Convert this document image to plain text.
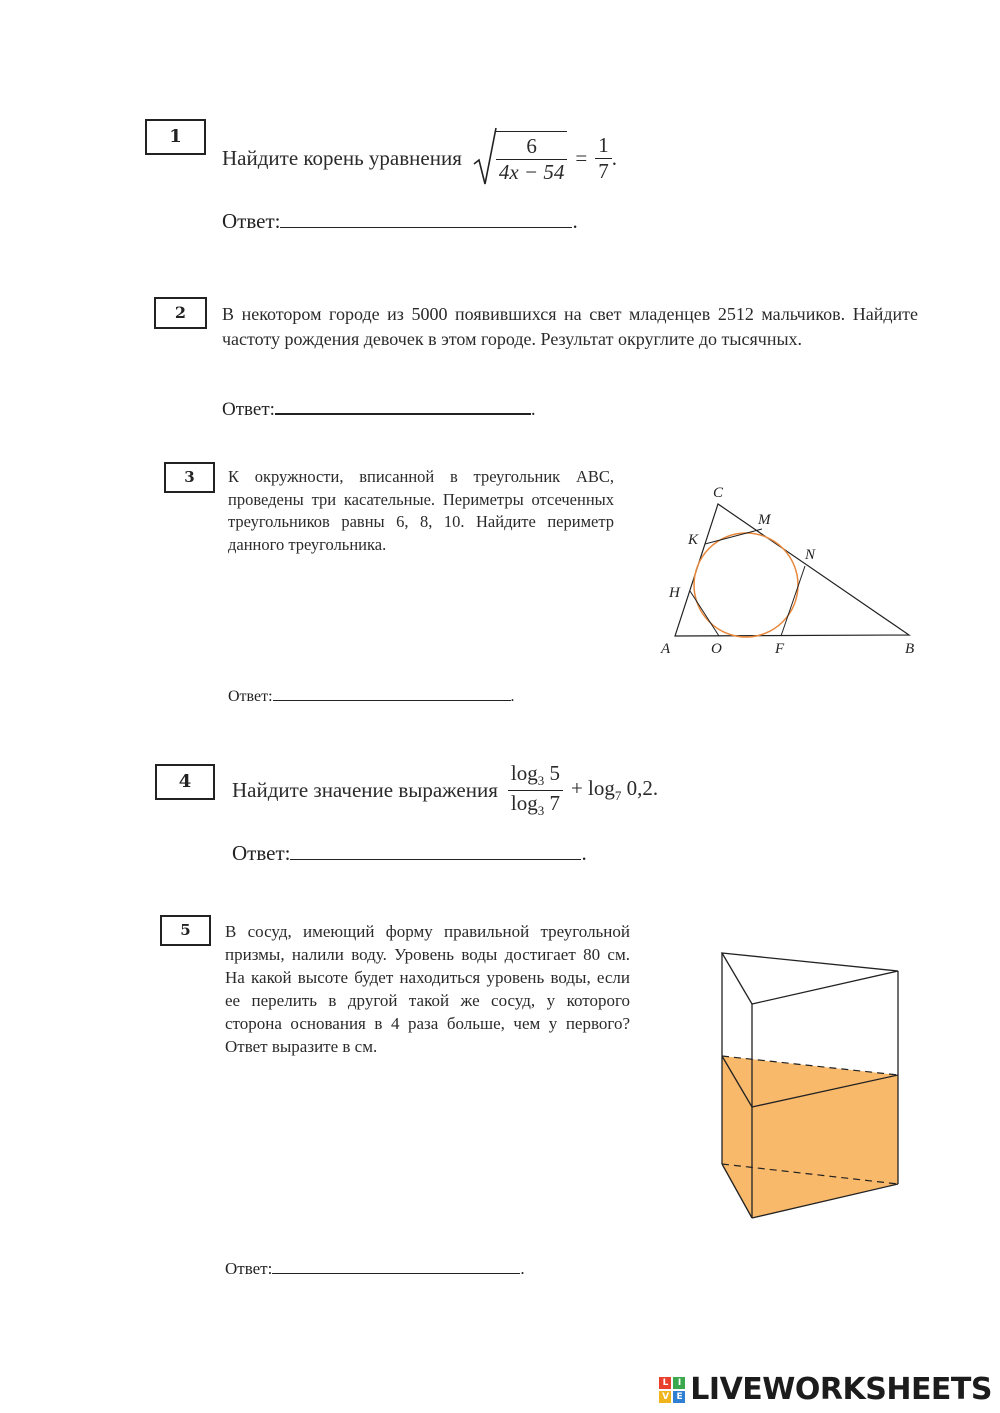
1
Найдите корень уравнения $\frac{6}{4x - 54} = \frac{1}{7}$ .
Ответ:	.
2	В некотором городе из 5000 появившихся на свет младенцев 2512 мальчиков. Найдите частоту рождения девочек в этом городе. Результат округлите до тысячных.
Ответ:	.
3	К окружности, вписанной в треугольник ABC, проведены три касательные. Периметры отсеченных треугольников равны 6, 8, 10. Найдите периметр данного треугольника.
A	B
C
K
M
N
H
O	F
Ответ:	.
4	Найдите значение выражения $\frac{\log_3 5}{\log_3 7} + \log_7 0,2$.
Ответ:	.
5	В сосуд, имеющий форму правильной треугольной призмы, налили воду. Уровень воды достигает 80 см. На какой высоте будет находиться уровень воды, если ее перелить в другой такой же сосуд, у которого сторона основания в 4 раза больше, чем у первого? Ответ выразите в см.
Ответ:	.
L	I
V E LIVEWORKSHEETS
